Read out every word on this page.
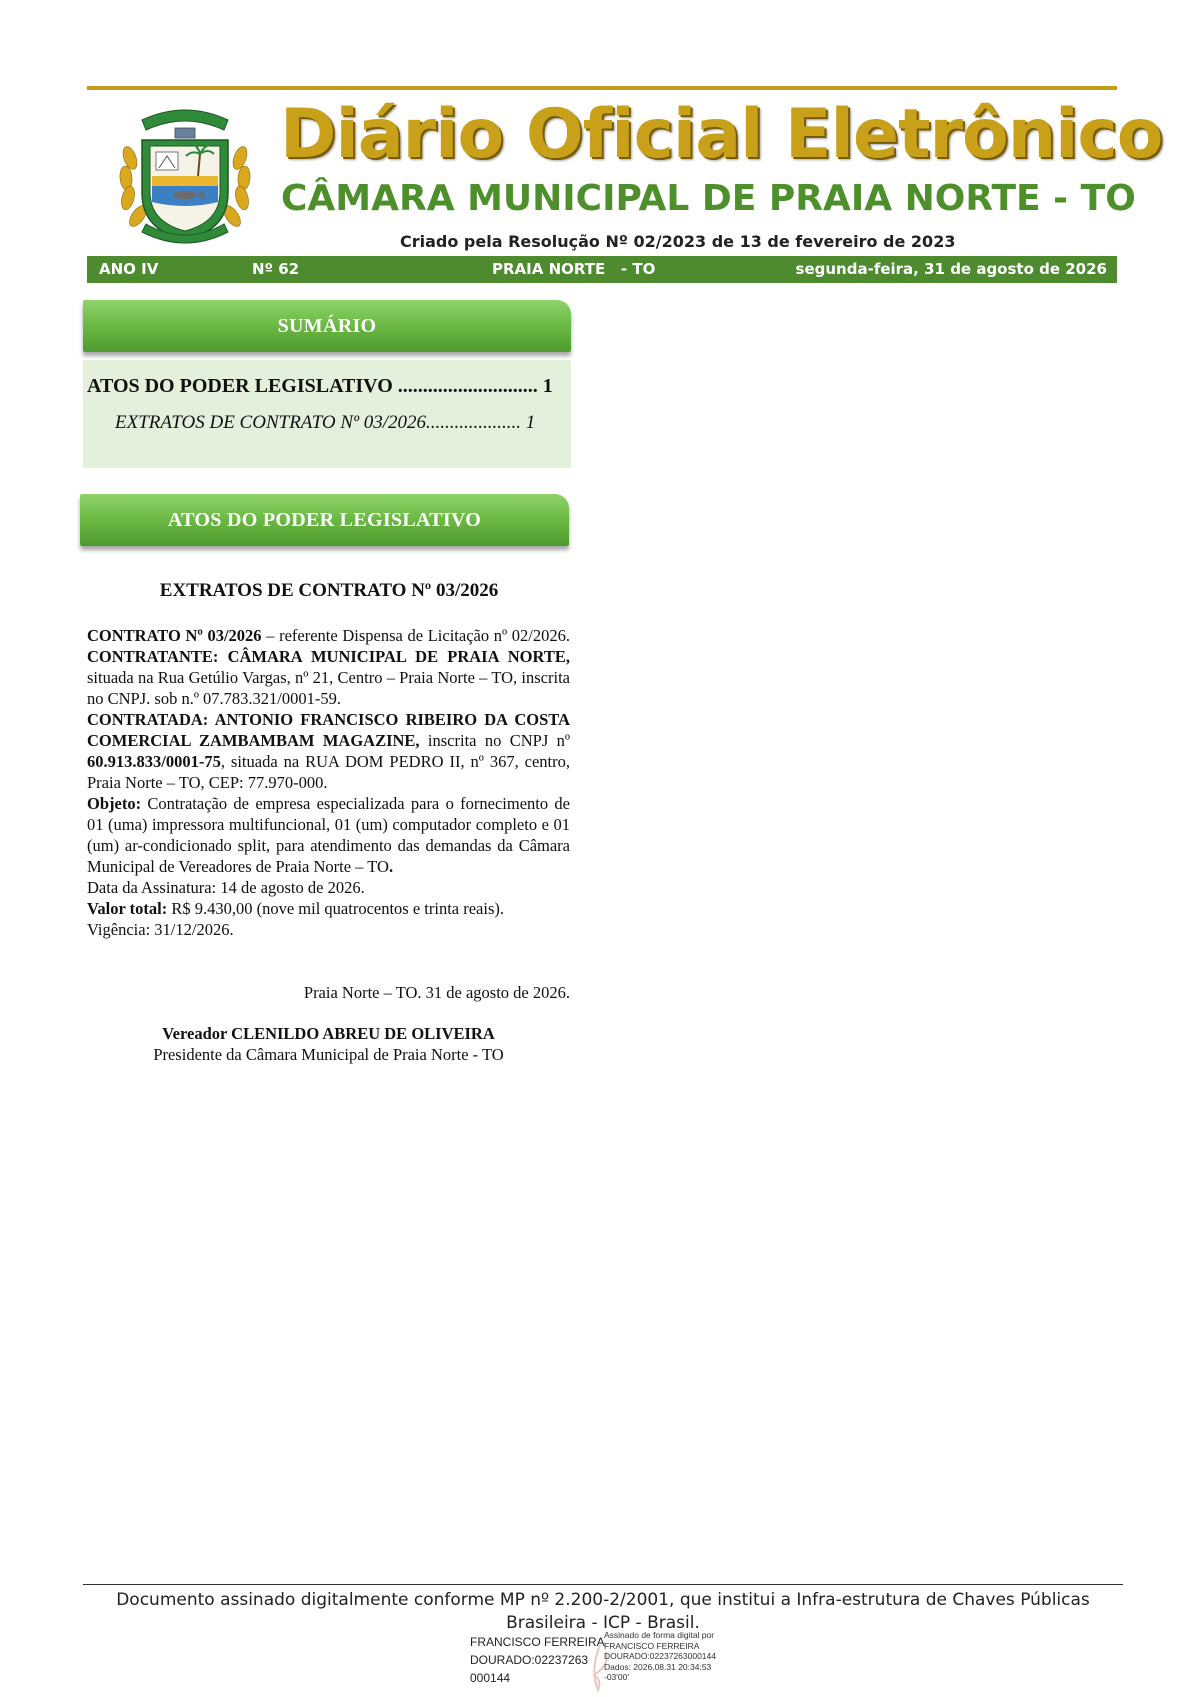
Diário Oficial Eletrônico
CÂMARA MUNICIPAL DE PRAIA NORTE - TO
Criado pela Resolução Nº 02/2023 de 13 de fevereiro de 2023
ANO IV	Nº 62	PRAIA NORTE   - TO	segunda-feira, 31 de agosto de 2026
SUMÁRIO
ATOS DO PODER LEGISLATIVO ............................ 1
EXTRATOS DE CONTRATO Nº 03/2026.................... 1
ATOS DO PODER LEGISLATIVO
EXTRATOS DE CONTRATO Nº 03/2026

CONTRATO Nº 03/2026 – referente Dispensa de Licitação nº 02/2026. CONTRATANTE: CÂMARA MUNICIPAL DE PRAIA NORTE, situada na Rua Getúlio Vargas, nº 21, Centro – Praia Norte – TO, inscrita no CNPJ. sob n.º 07.783.321/0001-59.

CONTRATADA: ANTONIO FRANCISCO RIBEIRO DA COSTA COMERCIAL ZAMBAMBAM MAGAZINE, inscrita no CNPJ nº 60.913.833/0001-75, situada na RUA DOM PEDRO II, nº 367, centro, Praia Norte – TO, CEP: 77.970-000.

Objeto: Contratação de empresa especializada para o fornecimento de 01 (uma) impressora multifuncional, 01 (um) computador completo e 01 (um) ar-condicionado split, para atendimento das demandas da Câmara Municipal de Vereadores de Praia Norte – TO.

Data da Assinatura: 14 de agosto de 2026.

Valor total: R$ 9.430,00 (nove mil quatrocentos e trinta reais).

Vigência: 31/12/2026.

Praia Norte – TO. 31 de agosto de 2026.
Vereador CLENILDO ABREU DE OLIVEIRA
Presidente da Câmara Municipal de Praia Norte - TO
Documento assinado digitalmente conforme MP nº 2.200-2/2001, que institui a Infra-estrutura de Chaves Públicas
Brasileira - ICP - Brasil.
FRANCISCO FERREIRA
DOURADO:02237263
000144
Assinado de forma digital por
FRANCISCO FERREIRA
DOURADO:02237263000144
Dados: 2026.08.31 20:34:53
-03'00'
